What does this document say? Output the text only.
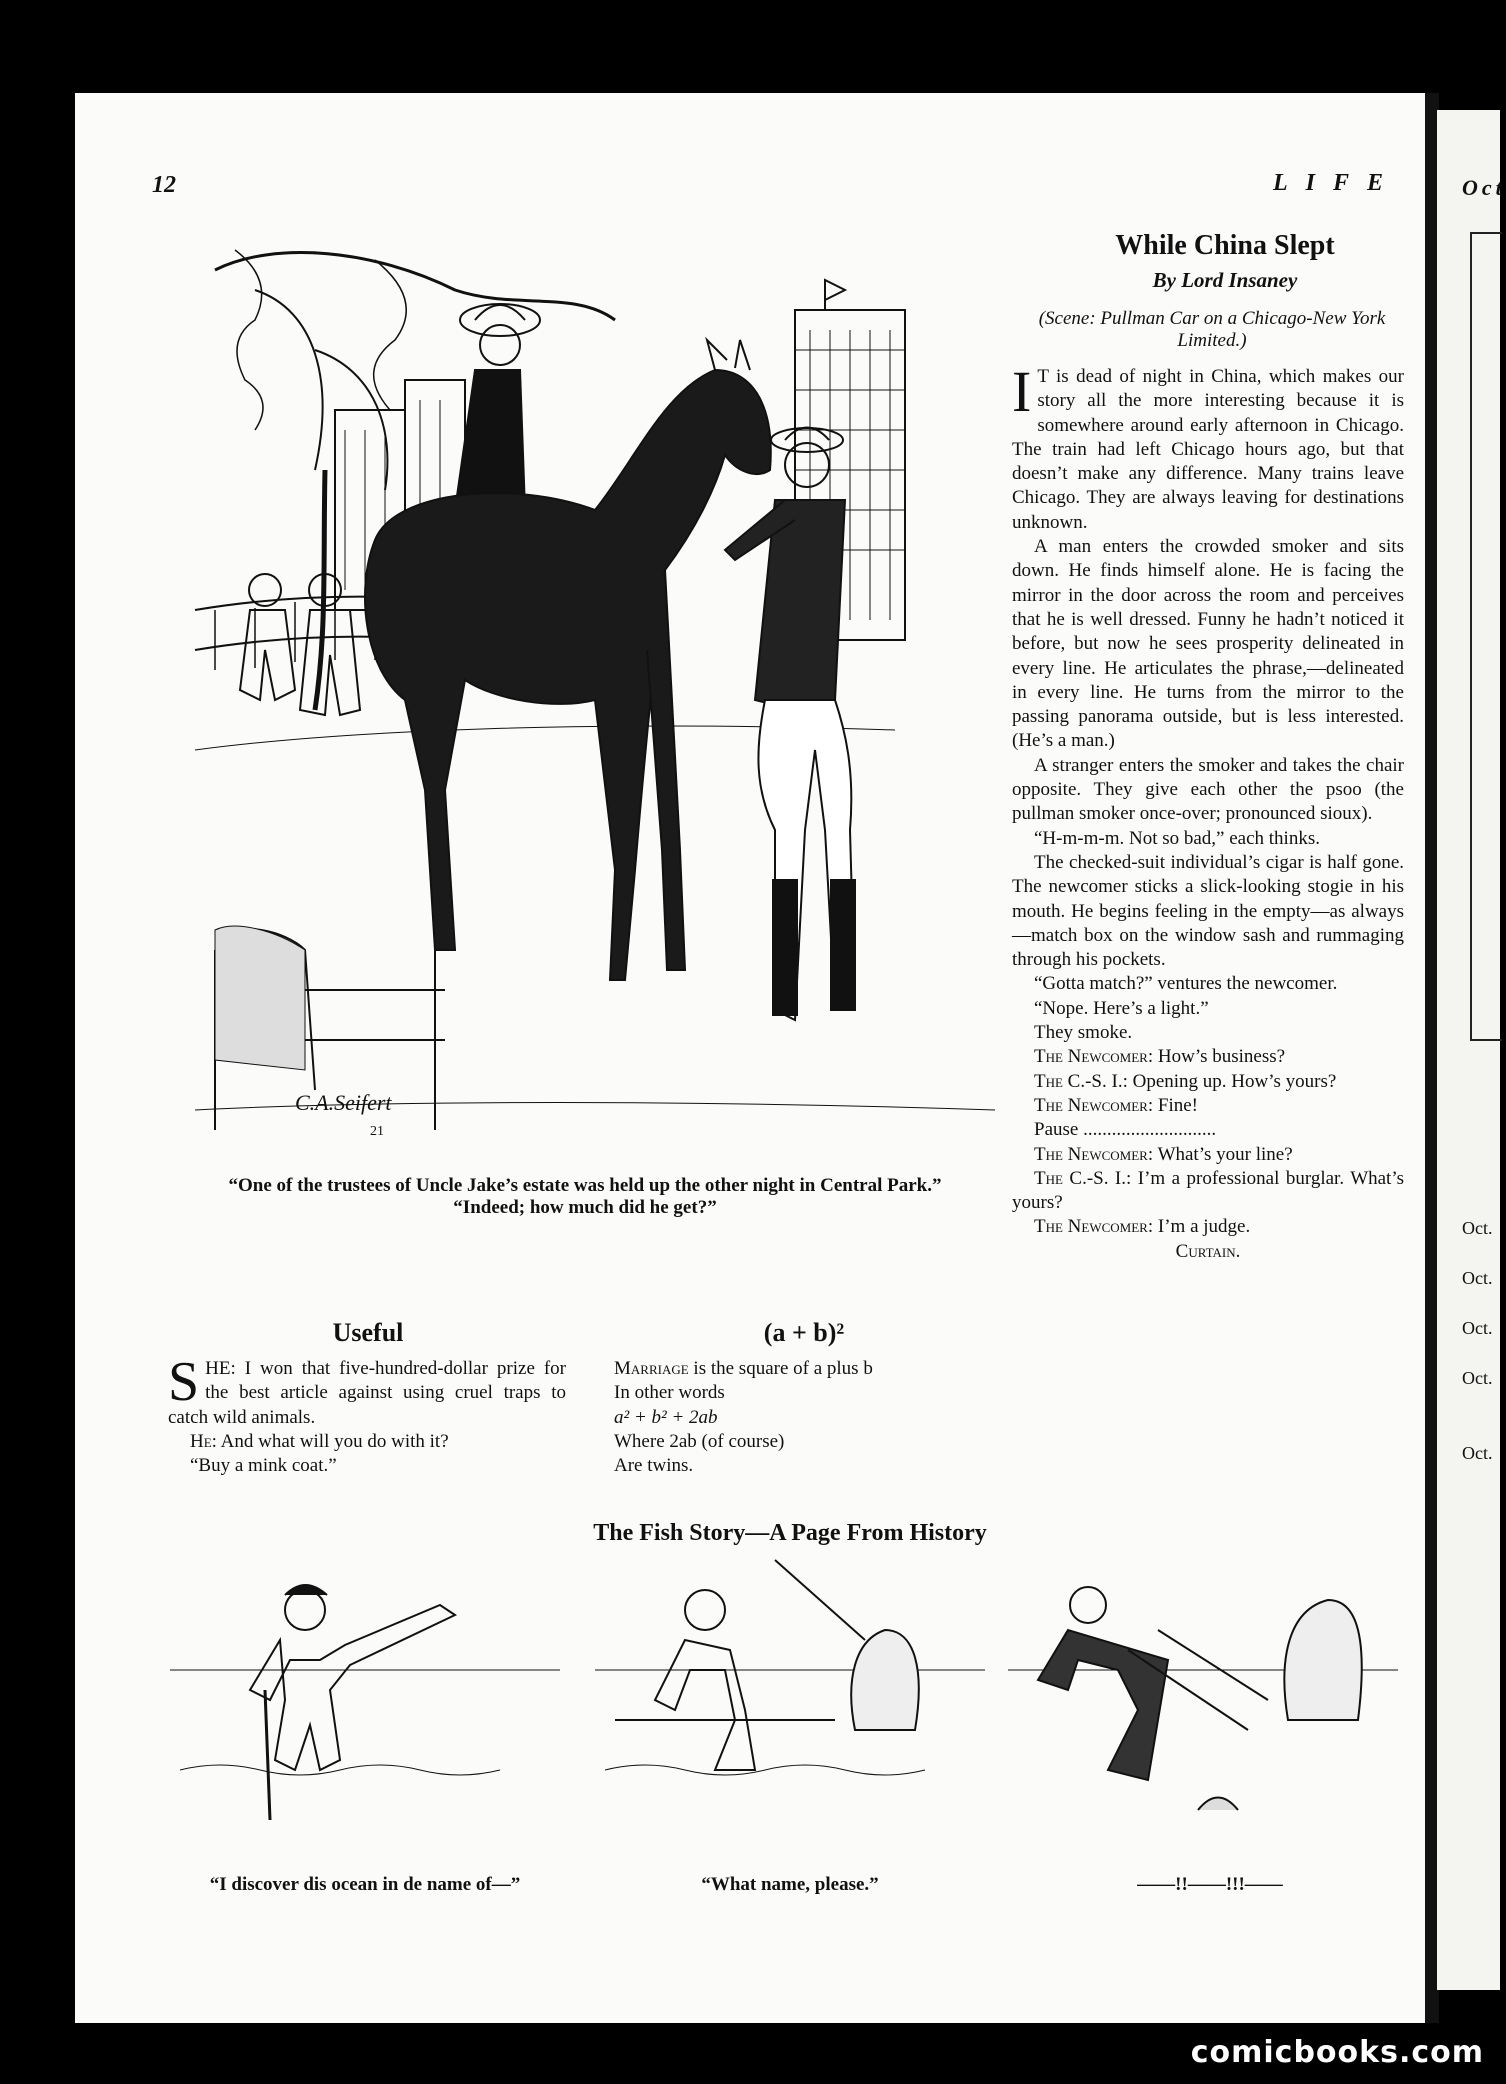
12	LIFE	Oct
C.A.Seifert
21
“One of the trustees of Uncle Jake’s estate was held up the other night in Central Park.”
“Indeed; how much did he get?”
While China Slept
By Lord Insaney
(Scene: Pullman Car on a Chicago-New York Limited.)

I T is dead of night in China, which makes our story all the more interesting because it is somewhere around early afternoon in Chicago. The train had left Chicago hours ago, but that doesn’t make any difference. Many trains leave Chicago. They are always leaving for destinations unknown.

A man enters the crowded smoker and sits down. He finds himself alone. He is facing the mirror in the door across the room and perceives that he is well dressed. Funny he hadn’t noticed it before, but now he sees prosperity delineated in every line. He articulates the phrase,—delineated in every line. He turns from the mirror to the passing panorama outside, but is less interested. (He’s a man.)

A stranger enters the smoker and takes the chair opposite. They give each other the psoo (the pullman smoker once-over; pronounced sioux).

“H-m-m-m. Not so bad,” each thinks.

The checked-suit individual’s cigar is half gone. The newcomer sticks a slick-looking stogie in his mouth. He begins feeling in the empty—as always—match box on the window sash and rummaging through his pockets.

“Gotta match?” ventures the newcomer.

“Nope. Here’s a light.”

They smoke.

The Newcomer: How’s business?

The C.-S. I.: Opening up. How’s yours?

The Newcomer: Fine!

Pause ............................

The Newcomer: What’s your line?

The C.-S. I.: I’m a professional burglar. What’s yours?

The Newcomer: I’m a judge.

Curtain.

Useful

SHE: I won that five-hundred-dollar prize for the best article against using cruel traps to catch wild animals.

He: And what will you do with it?

“Buy a mink coat.”

(a + b)²

Marriage is the square of a plus b

In other words

a² + b² + 2ab

Where 2ab (of course)

Are twins.

The Fish Story—A Page From History
“I discover dis ocean in de name of—”	“What name, please.”	——!!——!!!——
Oct.
Oct.
Oct.
Oct.
Oct.
comicbooks.com
